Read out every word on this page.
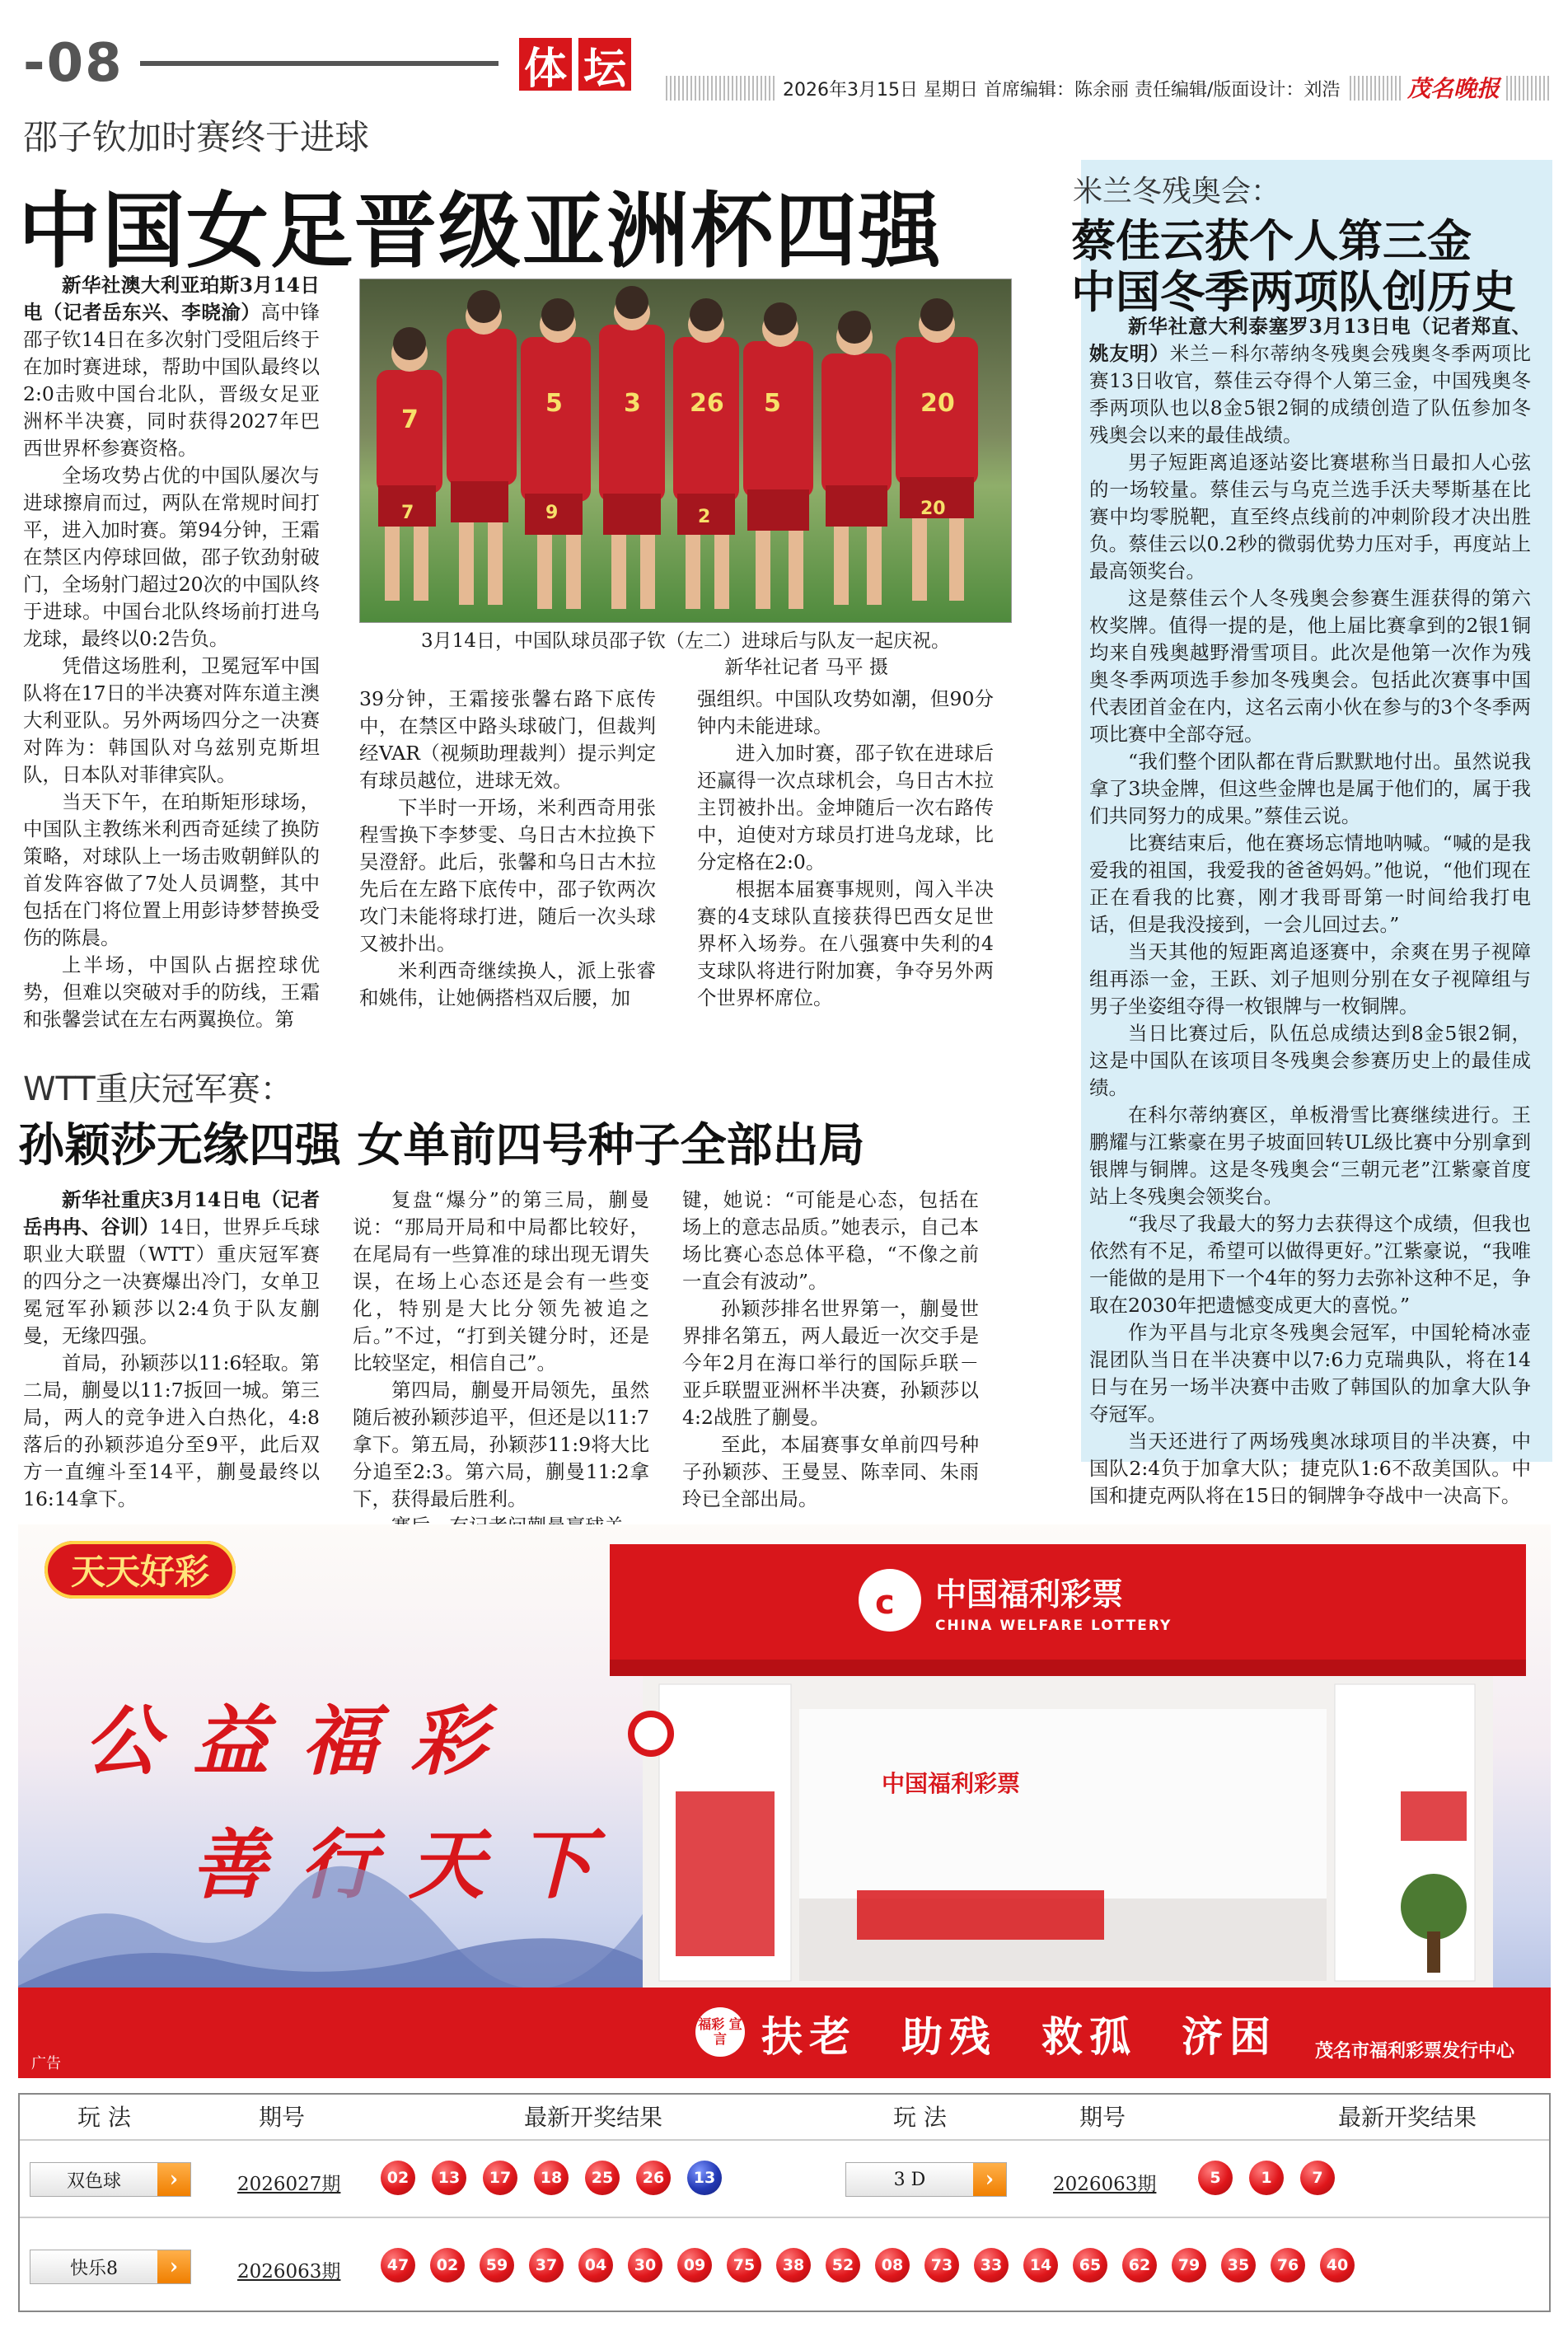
-08	体 坛	2026年3月15日 星期日 首席编辑：陈余丽 责任编辑/版面设计：刘浩	茂名晚报
邵子钦加时赛终于进球
中国女足晋级亚洲杯四强

新华社澳大利亚珀斯3月14日电（记者岳东兴、李晓渝）高中锋邵子钦14日在多次射门受阻后终于在加时赛进球，帮助中国队最终以2:0击败中国台北队，晋级女足亚洲杯半决赛，同时获得2027年巴西世界杯参赛资格。

全场攻势占优的中国队屡次与进球擦肩而过，两队在常规时间打平，进入加时赛。第94分钟，王霜在禁区内停球回做，邵子钦劲射破门，全场射门超过20次的中国队终于进球。中国台北队终场前打进乌龙球，最终以0:2告负。

凭借这场胜利，卫冕冠军中国队将在17日的半决赛对阵东道主澳大利亚队。另外两场四分之一决赛对阵为：韩国队对乌兹别克斯坦队，日本队对菲律宾队。

当天下午，在珀斯矩形球场，中国队主教练米利西奇延续了换防策略，对球队上一场击败朝鲜队的首发阵容做了7处人员调整，其中包括在门将位置上用彭诗梦替换受伤的陈晨。

上半场，中国队占据控球优势，但难以突破对手的防线，王霜和张馨尝试在左右两翼换位。第

7
7
5
9
3
2
26 5	20
20
3月14日，中国队球员邵子钦（左二）进球后与队友一起庆祝。
新华社记者 马平 摄

39分钟，王霜接张馨右路下底传中，在禁区中路头球破门，但裁判经VAR（视频助理裁判）提示判定有球员越位，进球无效。

下半时一开场，米利西奇用张程雪换下李梦雯、乌日古木拉换下吴澄舒。此后，张馨和乌日古木拉先后在左路下底传中，邵子钦两次攻门未能将球打进，随后一次头球又被扑出。

米利西奇继续换人，派上张睿和姚伟，让她俩搭档双后腰，加

强组织。中国队攻势如潮，但90分钟内未能进球。

进入加时赛，邵子钦在进球后还赢得一次点球机会，乌日古木拉主罚被扑出。金坤随后一次右路传中，迫使对方球员打进乌龙球，比分定格在2:0。

根据本届赛事规则，闯入半决赛的4支球队直接获得巴西女足世界杯入场券。在八强赛中失利的4支球队将进行附加赛，争夺另外两个世界杯席位。

WTT重庆冠军赛：
孙颖莎无缘四强 女单前四号种子全部出局

新华社重庆3月14日电（记者岳冉冉、谷训）14日，世界乒乓球职业大联盟（WTT）重庆冠军赛的四分之一决赛爆出冷门，女单卫冕冠军孙颖莎以2:4负于队友蒯曼，无缘四强。

首局，孙颖莎以11:6轻取。第二局，蒯曼以11:7扳回一城。第三局，两人的竞争进入白热化，4:8落后的孙颖莎追分至9平，此后双方一直缠斗至14平，蒯曼最终以16:14拿下。

复盘“爆分”的第三局，蒯曼说：“那局开局和中局都比较好，在尾局有一些算准的球出现无谓失误，在场上心态还是会有一些变化，特别是大比分领先被追之后。”不过，“打到关键分时，还是比较坚定，相信自己”。

第四局，蒯曼开局领先，虽然随后被孙颖莎追平，但还是以11:7拿下。第五局，孙颖莎11:9将大比分追至2:3。第六局，蒯曼11:2拿下，获得最后胜利。

键，她说：“可能是心态，包括在场上的意志品质。”她表示，自己本场比赛心态总体平稳，“不像之前一直会有波动”。

孙颖莎排名世界第一，蒯曼世界排名第五，两人最近一次交手是今年2月在海口举行的国际乒联－亚乒联盟亚洲杯半决赛，孙颖莎以4:2战胜了蒯曼。

至此，本届赛事女单前四号种子孙颖莎、王曼昱、陈幸同、朱雨玲已全部出局。

米兰冬残奥会：
蔡佳云获个人第三金
中国冬季两项队创历史

新华社意大利泰塞罗3月13日电（记者郑直、姚友明）米兰－科尔蒂纳冬残奥会残奥冬季两项比赛13日收官，蔡佳云夺得个人第三金，中国残奥冬季两项队也以8金5银2铜的成绩创造了队伍参加冬残奥会以来的最佳战绩。

男子短距离追逐站姿比赛堪称当日最扣人心弦的一场较量。蔡佳云与乌克兰选手沃夫琴斯基在比赛中均零脱靶，直至终点线前的冲刺阶段才决出胜负。蔡佳云以0.2秒的微弱优势力压对手，再度站上最高领奖台。

这是蔡佳云个人冬残奥会参赛生涯获得的第六枚奖牌。值得一提的是，他上届比赛拿到的2银1铜均来自残奥越野滑雪项目。此次是他第一次作为残奥冬季两项选手参加冬残奥会。包括此次赛事中国代表团首金在内，这名云南小伙在参与的3个冬季两项比赛中全部夺冠。

“我们整个团队都在背后默默地付出。虽然说我拿了3块金牌，但这些金牌也是属于他们的，属于我们共同努力的成果。”蔡佳云说。

比赛结束后，他在赛场忘情地呐喊。“喊的是我爱我的祖国，我爱我的爸爸妈妈。”他说，“他们现在正在看我的比赛，刚才我哥哥第一时间给我打电话，但是我没接到，一会儿回过去。”

当天其他的短距离追逐赛中，余爽在男子视障组再添一金，王跃、刘子旭则分别在女子视障组与男子坐姿组夺得一枚银牌与一枚铜牌。

当日比赛过后，队伍总成绩达到8金5银2铜，这是中国队在该项目冬残奥会参赛历史上的最佳成绩。

在科尔蒂纳赛区，单板滑雪比赛继续进行。王鹏耀与江紫豪在男子坡面回转UL级比赛中分别拿到银牌与铜牌。这是冬残奥会“三朝元老”江紫豪首度站上冬残奥会领奖台。

“我尽了我最大的努力去获得这个成绩，但我也依然有不足，希望可以做得更好。”江紫豪说，“我唯一能做的是用下一个4年的努力去弥补这种不足，争取在2030年把遗憾变成更大的喜悦。”

作为平昌与北京冬残奥会冠军，中国轮椅冰壶混团队当日在半决赛中以7:6力克瑞典队，将在14日与在另一场半决赛中击败了韩国队的加拿大队争夺冠军。

当天还进行了两场残奥冰球项目的半决赛，中国队2:4负于加拿大队；捷克队1:6不敌美国队。中国和捷克两队将在15日的铜牌争夺战中一决高下。

天天好彩
公益福彩
善行天下
c 中国福利彩票
CHINA WELFARE LOTTERY
中国福利彩票
福彩 宣言 扶老 助残 救孤 济困 茂名市福利彩票发行中心
广告
玩 法	期号	最新开奖结果	玩 法	期号	最新开奖结果
双色球	›	2026027期	02	13	17	18	25	26	13	3 D	›	2026063期	5	1	7
快乐8	›	2026063期	47	02	59	37	04	30	09	75	38	52	08	73	33	14	65	62	79	35	76	40
